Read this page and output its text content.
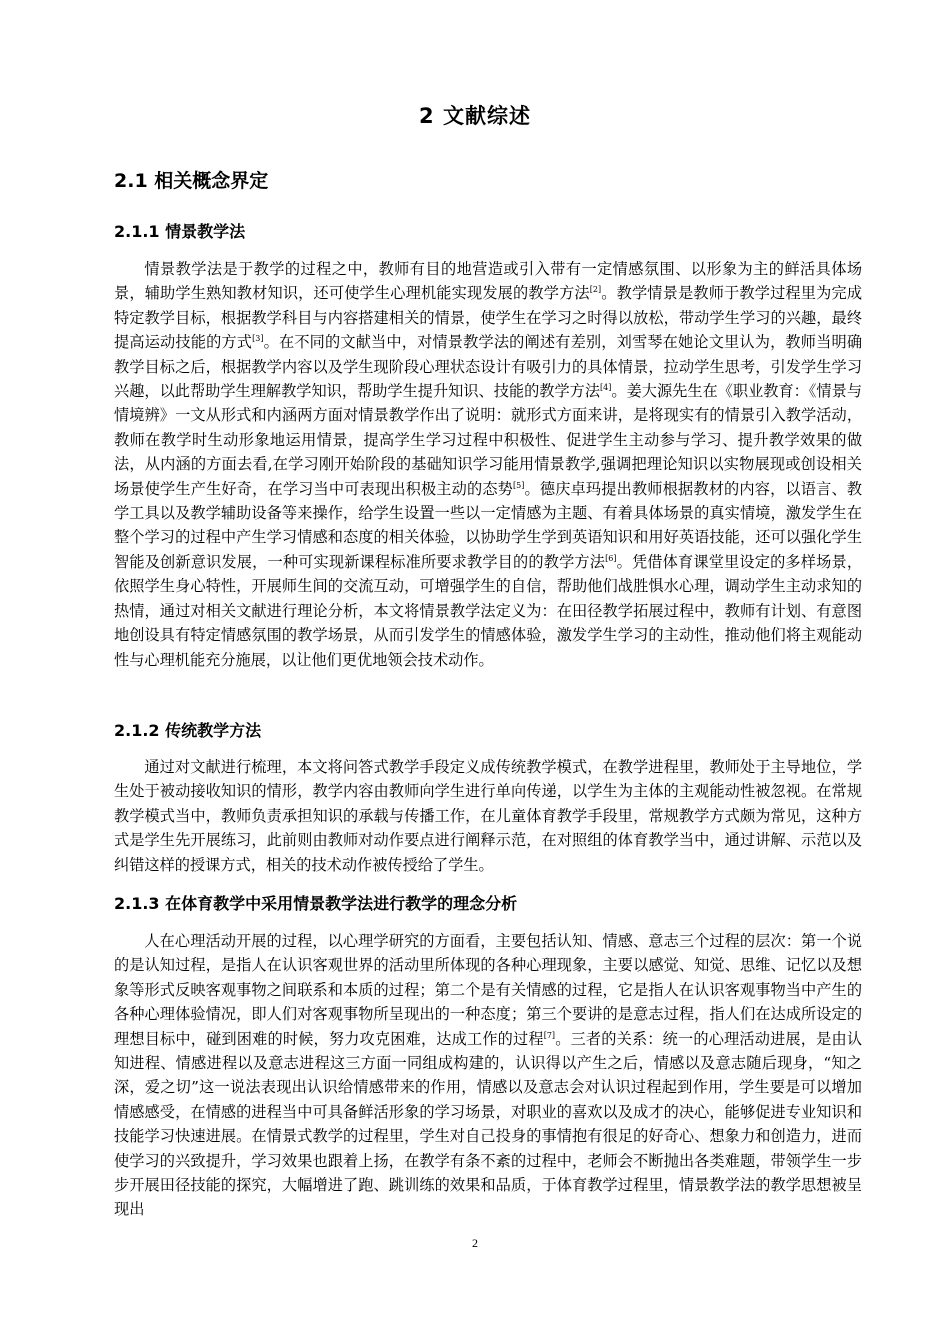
2 文献综述
2.1 相关概念界定
2.1.1 情景教学法

情景教学法是于教学的过程之中，教师有目的地营造或引入带有一定情感氛围、以形象为主的鲜活具体场景，辅助学生熟知教材知识，还可使学生心理机能实现发展的教学方法[2]。教学情景是教师于教学过程里为完成特定教学目标，根据教学科目与内容搭建相关的情景，使学生在学习之时得以放松，带动学生学习的兴趣，最终提高运动技能的方式[3]。在不同的文献当中，对情景教学法的阐述有差别，刘雪琴在她论文里认为，教师当明确教学目标之后，根据教学内容以及学生现阶段心理状态设计有吸引力的具体情景，拉动学生思考，引发学生学习兴趣，以此帮助学生理解教学知识，帮助学生提升知识、技能的教学方法[4]。姜大源先生在《职业教育：《情景与情境辨》一文从形式和内涵两方面对情景教学作出了说明：就形式方面来讲，是将现实有的情景引入教学活动，教师在教学时生动形象地运用情景，提高学生学习过程中积极性、促进学生主动参与学习、提升教学效果的做法，从内涵的方面去看,在学习刚开始阶段的基础知识学习能用情景教学,强调把理论知识以实物展现或创设相关场景使学生产生好奇，在学习当中可表现出积极主动的态势[5]。德庆卓玛提出教师根据教材的内容，以语言、教学工具以及教学辅助设备等来操作，给学生设置一些以一定情感为主题、有着具体场景的真实情境，激发学生在整个学习的过程中产生学习情感和态度的相关体验，以协助学生学到英语知识和用好英语技能，还可以强化学生智能及创新意识发展，一种可实现新课程标准所要求教学目的的教学方法[6]。凭借体育课堂里设定的多样场景，依照学生身心特性，开展师生间的交流互动，可增强学生的自信，帮助他们战胜惧水心理，调动学生主动求知的热情，通过对相关文献进行理论分析，本文将情景教学法定义为：在田径教学拓展过程中，教师有计划、有意图地创设具有特定情感氛围的教学场景，从而引发学生的情感体验，激发学生学习的主动性，推动他们将主观能动性与心理机能充分施展，以让他们更优地领会技术动作。

2.1.2 传统教学方法

通过对文献进行梳理，本文将问答式教学手段定义成传统教学模式，在教学进程里，教师处于主导地位，学生处于被动接收知识的情形，教学内容由教师向学生进行单向传递，以学生为主体的主观能动性被忽视。在常规教学模式当中，教师负责承担知识的承载与传播工作，在儿童体育教学手段里，常规教学方式颇为常见，这种方式是学生先开展练习，此前则由教师对动作要点进行阐释示范，在对照组的体育教学当中，通过讲解、示范以及纠错这样的授课方式，相关的技术动作被传授给了学生。

2.1.3 在体育教学中采用情景教学法进行教学的理念分析

人在心理活动开展的过程，以心理学研究的方面看，主要包括认知、情感、意志三个过程的层次：第一个说的是认知过程，是指人在认识客观世界的活动里所体现的各种心理现象，主要以感觉、知觉、思维、记忆以及想象等形式反映客观事物之间联系和本质的过程；第二个是有关情感的过程，它是指人在认识客观事物当中产生的各种心理体验情况，即人们对客观事物所呈现出的一种态度；第三个要讲的是意志过程，指人们在达成所设定的理想目标中，碰到困难的时候，努力攻克困难，达成工作的过程[7]。三者的关系：统一的心理活动进展，是由认知进程、情感进程以及意志进程这三方面一同组成构建的，认识得以产生之后，情感以及意志随后现身，“知之深，爱之切”这一说法表现出认识给情感带来的作用，情感以及意志会对认识过程起到作用，学生要是可以增加情感感受，在情感的进程当中可具备鲜活形象的学习场景，对职业的喜欢以及成才的决心，能够促进专业知识和技能学习快速进展。在情景式教学的过程里，学生对自己投身的事情抱有很足的好奇心、想象力和创造力，进而使学习的兴致提升，学习效果也跟着上扬，在教学有条不紊的过程中，老师会不断抛出各类难题，带领学生一步步开展田径技能的探究，大幅增进了跑、跳训练的效果和品质，于体育教学过程里，情景教学法的教学思想被呈现出

2
